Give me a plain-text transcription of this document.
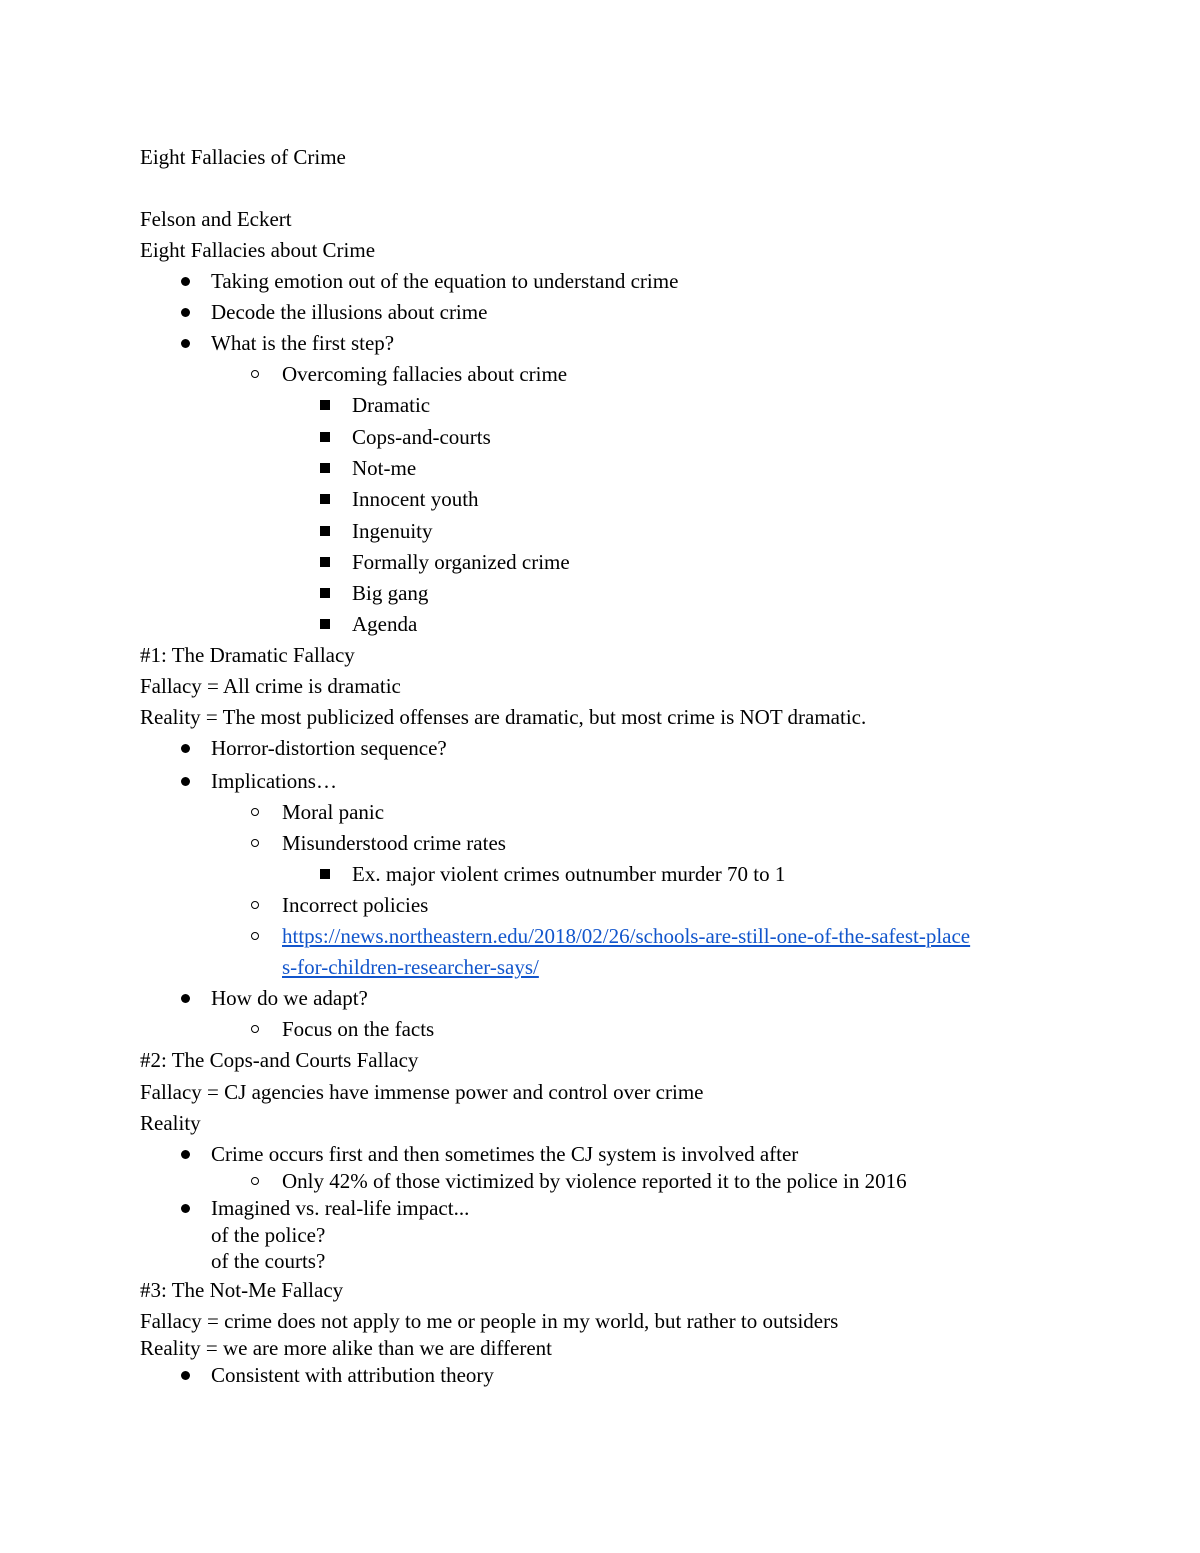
Eight Fallacies of Crime
Felson and Eckert
Eight Fallacies about Crime
Taking emotion out of the equation to understand crime
Decode the illusions about crime
What is the first step?
Overcoming fallacies about crime
Dramatic
Cops-and-courts
Not-me
Innocent youth
Ingenuity
Formally organized crime
Big gang
Agenda
#1: The Dramatic Fallacy
Fallacy = All crime is dramatic
Reality = The most publicized offenses are dramatic, but most crime is NOT dramatic.
Horror-distortion sequence?
Implications…
Moral panic
Misunderstood crime rates
Ex. major violent crimes outnumber murder 70 to 1
Incorrect policies
https://news.northeastern.edu/2018/02/26/schools-are-still-one-of-the-safest-place
s-for-children-researcher-says/
How do we adapt?
Focus on the facts
#2: The Cops-and Courts Fallacy
Fallacy = CJ agencies have immense power and control over crime
Reality
Crime occurs first and then sometimes the CJ system is involved after
Only 42% of those victimized by violence reported it to the police in 2016
Imagined vs. real-life impact...
of the police?
of the courts?
#3: The Not-Me Fallacy
Fallacy = crime does not apply to me or people in my world, but rather to outsiders
Reality = we are more alike than we are different
Consistent with attribution theory
